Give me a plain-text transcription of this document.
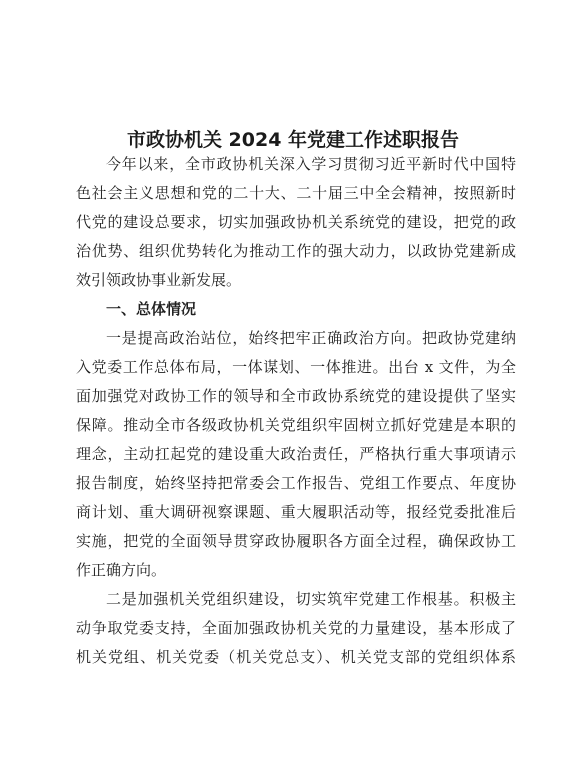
市政协机关 2024 年党建工作述职报告
今年以来，全市政协机关深入学习贯彻习近平新时代中国特
色社会主义思想和党的二十大、二十届三中全会精神，按照新时
代党的建设总要求，切实加强政协机关系统党的建设，把党的政
治优势、组织优势转化为推动工作的强大动力，以政协党建新成
效引领政协事业新发展。
一、总体情况
一是提高政治站位，始终把牢正确政治方向。把政协党建纳
入党委工作总体布局，一体谋划、一体推进。出台 x 文件，为全
面加强党对政协工作的领导和全市政协系统党的建设提供了坚实
保障。推动全市各级政协机关党组织牢固树立抓好党建是本职的
理念，主动扛起党的建设重大政治责任，严格执行重大事项请示
报告制度，始终坚持把常委会工作报告、党组工作要点、年度协
商计划、重大调研视察课题、重大履职活动等，报经党委批准后
实施，把党的全面领导贯穿政协履职各方面全过程，确保政协工
作正确方向。
二是加强机关党组织建设，切实筑牢党建工作根基。积极主
动争取党委支持，全面加强政协机关党的力量建设，基本形成了
机关党组、机关党委（机关党总支）、机关党支部的党组织体系
